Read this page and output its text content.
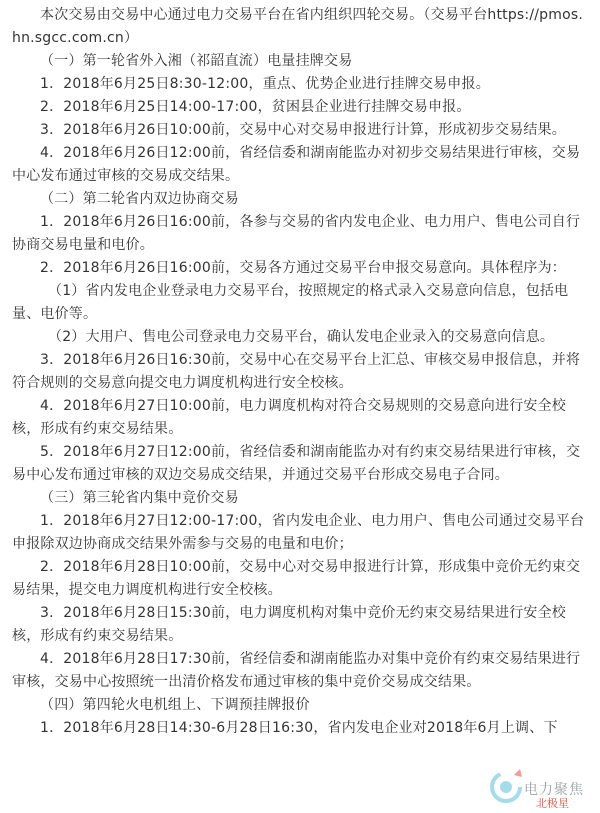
本次交易由交易中心通过电力交易平台在省内组织四轮交易。（交易平台https://pmos.hn.sgcc.com.cn）

（一）第一轮省外入湘（祁韶直流）电量挂牌交易

1．2018年6月25日8:30-12:00，重点、优势企业进行挂牌交易申报。

2．2018年6月25日14:00-17:00，贫困县企业进行挂牌交易申报。

3．2018年6月26日10:00前，交易中心对交易申报进行计算，形成初步交易结果。

4．2018年6月26日12:00前，省经信委和湖南能监办对初步交易结果进行审核，交易中心发布通过审核的交易成交结果。

（二）第二轮省内双边协商交易

1．2018年6月26日16:00前，各参与交易的省内发电企业、电力用户、售电公司自行协商交易电量和电价。

2．2018年6月26日16:00前，交易各方通过交易平台申报交易意向。具体程序为：

（1）省内发电企业登录电力交易平台，按照规定的格式录入交易意向信息，包括电量、电价等。

（2）大用户、售电公司登录电力交易平台，确认发电企业录入的交易意向信息。

3．2018年6月26日16:30前，交易中心在交易平台上汇总、审核交易申报信息，并将符合规则的交易意向提交电力调度机构进行安全校核。

4．2018年6月27日10:00前，电力调度机构对符合交易规则的交易意向进行安全校核，形成有约束交易结果。

5．2018年6月27日12:00前，省经信委和湖南能监办对有约束交易结果进行审核，交易中心发布通过审核的双边交易成交结果，并通过交易平台形成交易电子合同。

（三）第三轮省内集中竞价交易

1．2018年6月27日12:00-17:00，省内发电企业、电力用户、售电公司通过交易平台申报除双边协商成交结果外需参与交易的电量和电价；

2．2018年6月28日10:00前，交易中心对交易申报进行计算，形成集中竞价无约束交易结果，提交电力调度机构进行安全校核。

3．2018年6月28日15:30前，电力调度机构对集中竞价无约束交易结果进行安全校核，形成有约束交易结果。

4．2018年6月28日17:30前，省经信委和湖南能监办对集中竞价有约束交易结果进行审核，交易中心按照统一出清价格发布通过审核的集中竞价交易成交结果。

（四）第四轮火电机组上、下调预挂牌报价

1．2018年6月28日14:30-6月28日16:30，省内发电企业对2018年6月上调、下

电力聚焦
北极星
